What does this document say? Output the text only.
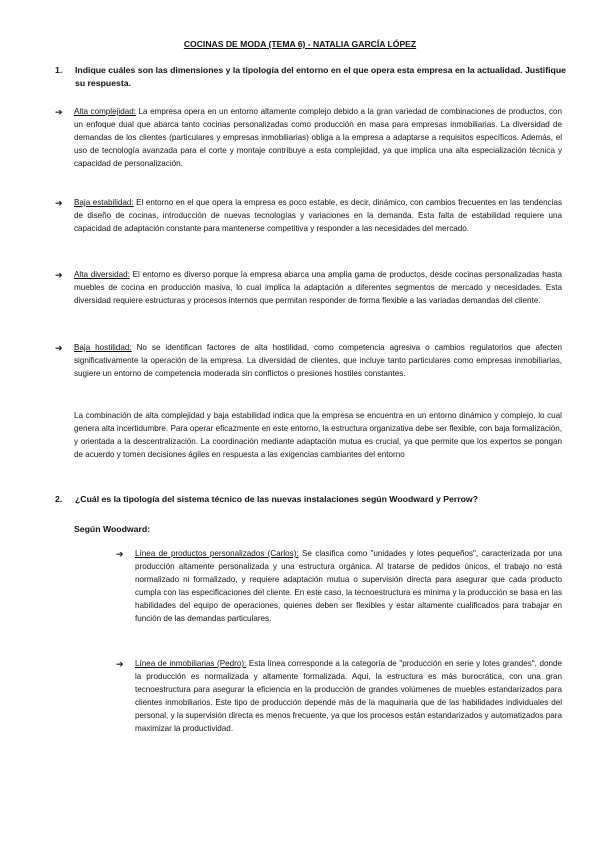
COCINAS DE MODA (TEMA 6) - NATALIA GARCÍA LÓPEZ
1. Indique cuáles son las dimensiones y la tipología del entorno en el que opera esta empresa en la actualidad. Justifique su respuesta.
➔ Alta complejidad: La empresa opera en un entorno altamente complejo debido a la gran variedad de combinaciones de productos, con un enfoque dual que abarca tanto cocinas personalizadas como producción en masa para empresas inmobiliarias. La diversidad de demandas de los clientes (particulares y empresas inmobiliarias) obliga a la empresa a adaptarse a requisitos específicos. Además, el uso de tecnología avanzada para el corte y montaje contribuye a esta complejidad, ya que implica una alta especialización técnica y capacidad de personalización.
➔ Baja estabilidad: El entorno en el que opera la empresa es poco estable, es decir, dinámico, con cambios frecuentes en las tendencias de diseño de cocinas, introducción de nuevas tecnologías y variaciones en la demanda. Esta falta de estabilidad requiere una capacidad de adaptación constante para mantenerse competitiva y responder a las necesidades del mercado.
➔ Alta diversidad: El entorno es diverso porque la empresa abarca una amplia gama de productos, desde cocinas personalizadas hasta muebles de cocina en producción masiva, lo cual implica la adaptación a diferentes segmentos de mercado y necesidades. Esta diversidad requiere estructuras y procesos internos que permitan responder de forma flexible a las variadas demandas del cliente.
➔ Baja hostilidad: No se identifican factores de alta hostilidad, como competencia agresiva o cambios regulatorios que afecten significativamente la operación de la empresa. La diversidad de clientes, que incluye tanto particulares como empresas inmobiliarias, sugiere un entorno de competencia moderada sin conflictos o presiones hostiles constantes.
La combinación de alta complejidad y baja estabilidad indica que la empresa se encuentra en un entorno dinámico y complejo, lo cual genera alta incertidumbre. Para operar eficazmente en este entorno, la estructura organizativa debe ser flexible, con baja formalización, y orientada a la descentralización. La coordinación mediante adaptación mutua es crucial, ya que permite que los expertos se pongan de acuerdo y tomen decisiones ágiles en respuesta a las exigencias cambiantes del entorno
2. ¿Cuál es la tipología del sistema técnico de las nuevas instalaciones según Woodward y Perrow?
Según Woodward:
➔ Línea de productos personalizados (Carlos): Se clasifica como "unidades y lotes pequeños", caracterizada por una producción altamente personalizada y una estructura orgánica. Al tratarse de pedidos únicos, el trabajo no está normalizado ni formalizado, y requiere adaptación mutua o supervisión directa para asegurar que cada producto cumpla con las especificaciones del cliente. En este caso, la tecnoestructura es mínima y la producción se basa en las habilidades del equipo de operaciones, quienes deben ser flexibles y estar altamente cualificados para trabajar en función de las demandas particulares.
➔ Línea de inmobiliarias (Pedro): Esta línea corresponde a la categoría de "producción en serie y lotes grandes", donde la producción es normalizada y altamente formalizada. Aquí, la estructura es más burocrática, con una gran tecnoestructura para asegurar la eficiencia en la producción de grandes volúmenes de muebles estandarizados para clientes inmobiliarios. Este tipo de producción depende más de la maquinaria que de las habilidades individuales del personal, y la supervisión directa es menos frecuente, ya que los procesos están estandarizados y automatizados para maximizar la productividad.
